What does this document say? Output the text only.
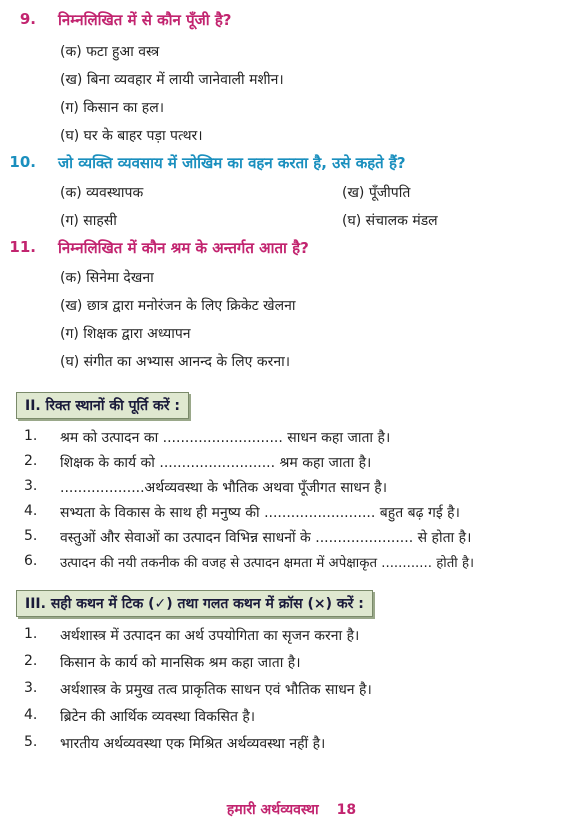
9. निम्नलिखित में से कौन पूँजी है?
(क) फटा हुआ वस्त्र
(ख) बिना व्यवहार में लायी जानेवाली मशीन।
(ग) किसान का हल।
(घ) घर के बाहर पड़ा पत्थर।
10. जो व्यक्ति व्यवसाय में जोखिम का वहन करता है, उसे कहते हैं?
(क) व्यवस्थापक	(ख) पूँजीपति
(ग) साहसी	(घ) संचालक मंडल
11. निम्नलिखित में कौन श्रम के अन्तर्गत आता है?
(क) सिनेमा देखना
(ख) छात्र द्वारा मनोरंजन के लिए क्रिकेट खेलना
(ग) शिक्षक द्वारा अध्यापन
(घ) संगीत का अभ्यास आनन्द के लिए करना।
II. रिक्त स्थानों की पूर्ति करें :
1. श्रम को उत्पादन का ........................... साधन कहा जाता है।
2. शिक्षक के कार्य को .......................... श्रम कहा जाता है।
3. ...................अर्थव्यवस्था के भौतिक अथवा पूँजीगत साधन है।
4. सभ्यता के विकास के साथ ही मनुष्य की ......................... बहुत बढ़ गई है।
5. वस्तुओं और सेवाओं का उत्पादन विभिन्न साधनों के ...................... से होता है।
6. उत्पादन की नयी तकनीक की वजह से उत्पादन क्षमता में अपेक्षाकृत ............ होती है।
III. सही कथन में टिक (✓) तथा गलत कथन में क्रॉस (×) करें :
1. अर्थशास्त्र में उत्पादन का अर्थ उपयोगिता का सृजन करना है।
2. किसान के कार्य को मानसिक श्रम कहा जाता है।
3. अर्थशास्त्र के प्रमुख तत्व प्राकृतिक साधन एवं भौतिक साधन है।
4. ब्रिटेन की आर्थिक व्यवस्था विकसित है।
5. भारतीय अर्थव्यवस्था एक मिश्रित अर्थव्यवस्था नहीं है।
हमारी अर्थव्यवस्था 18
